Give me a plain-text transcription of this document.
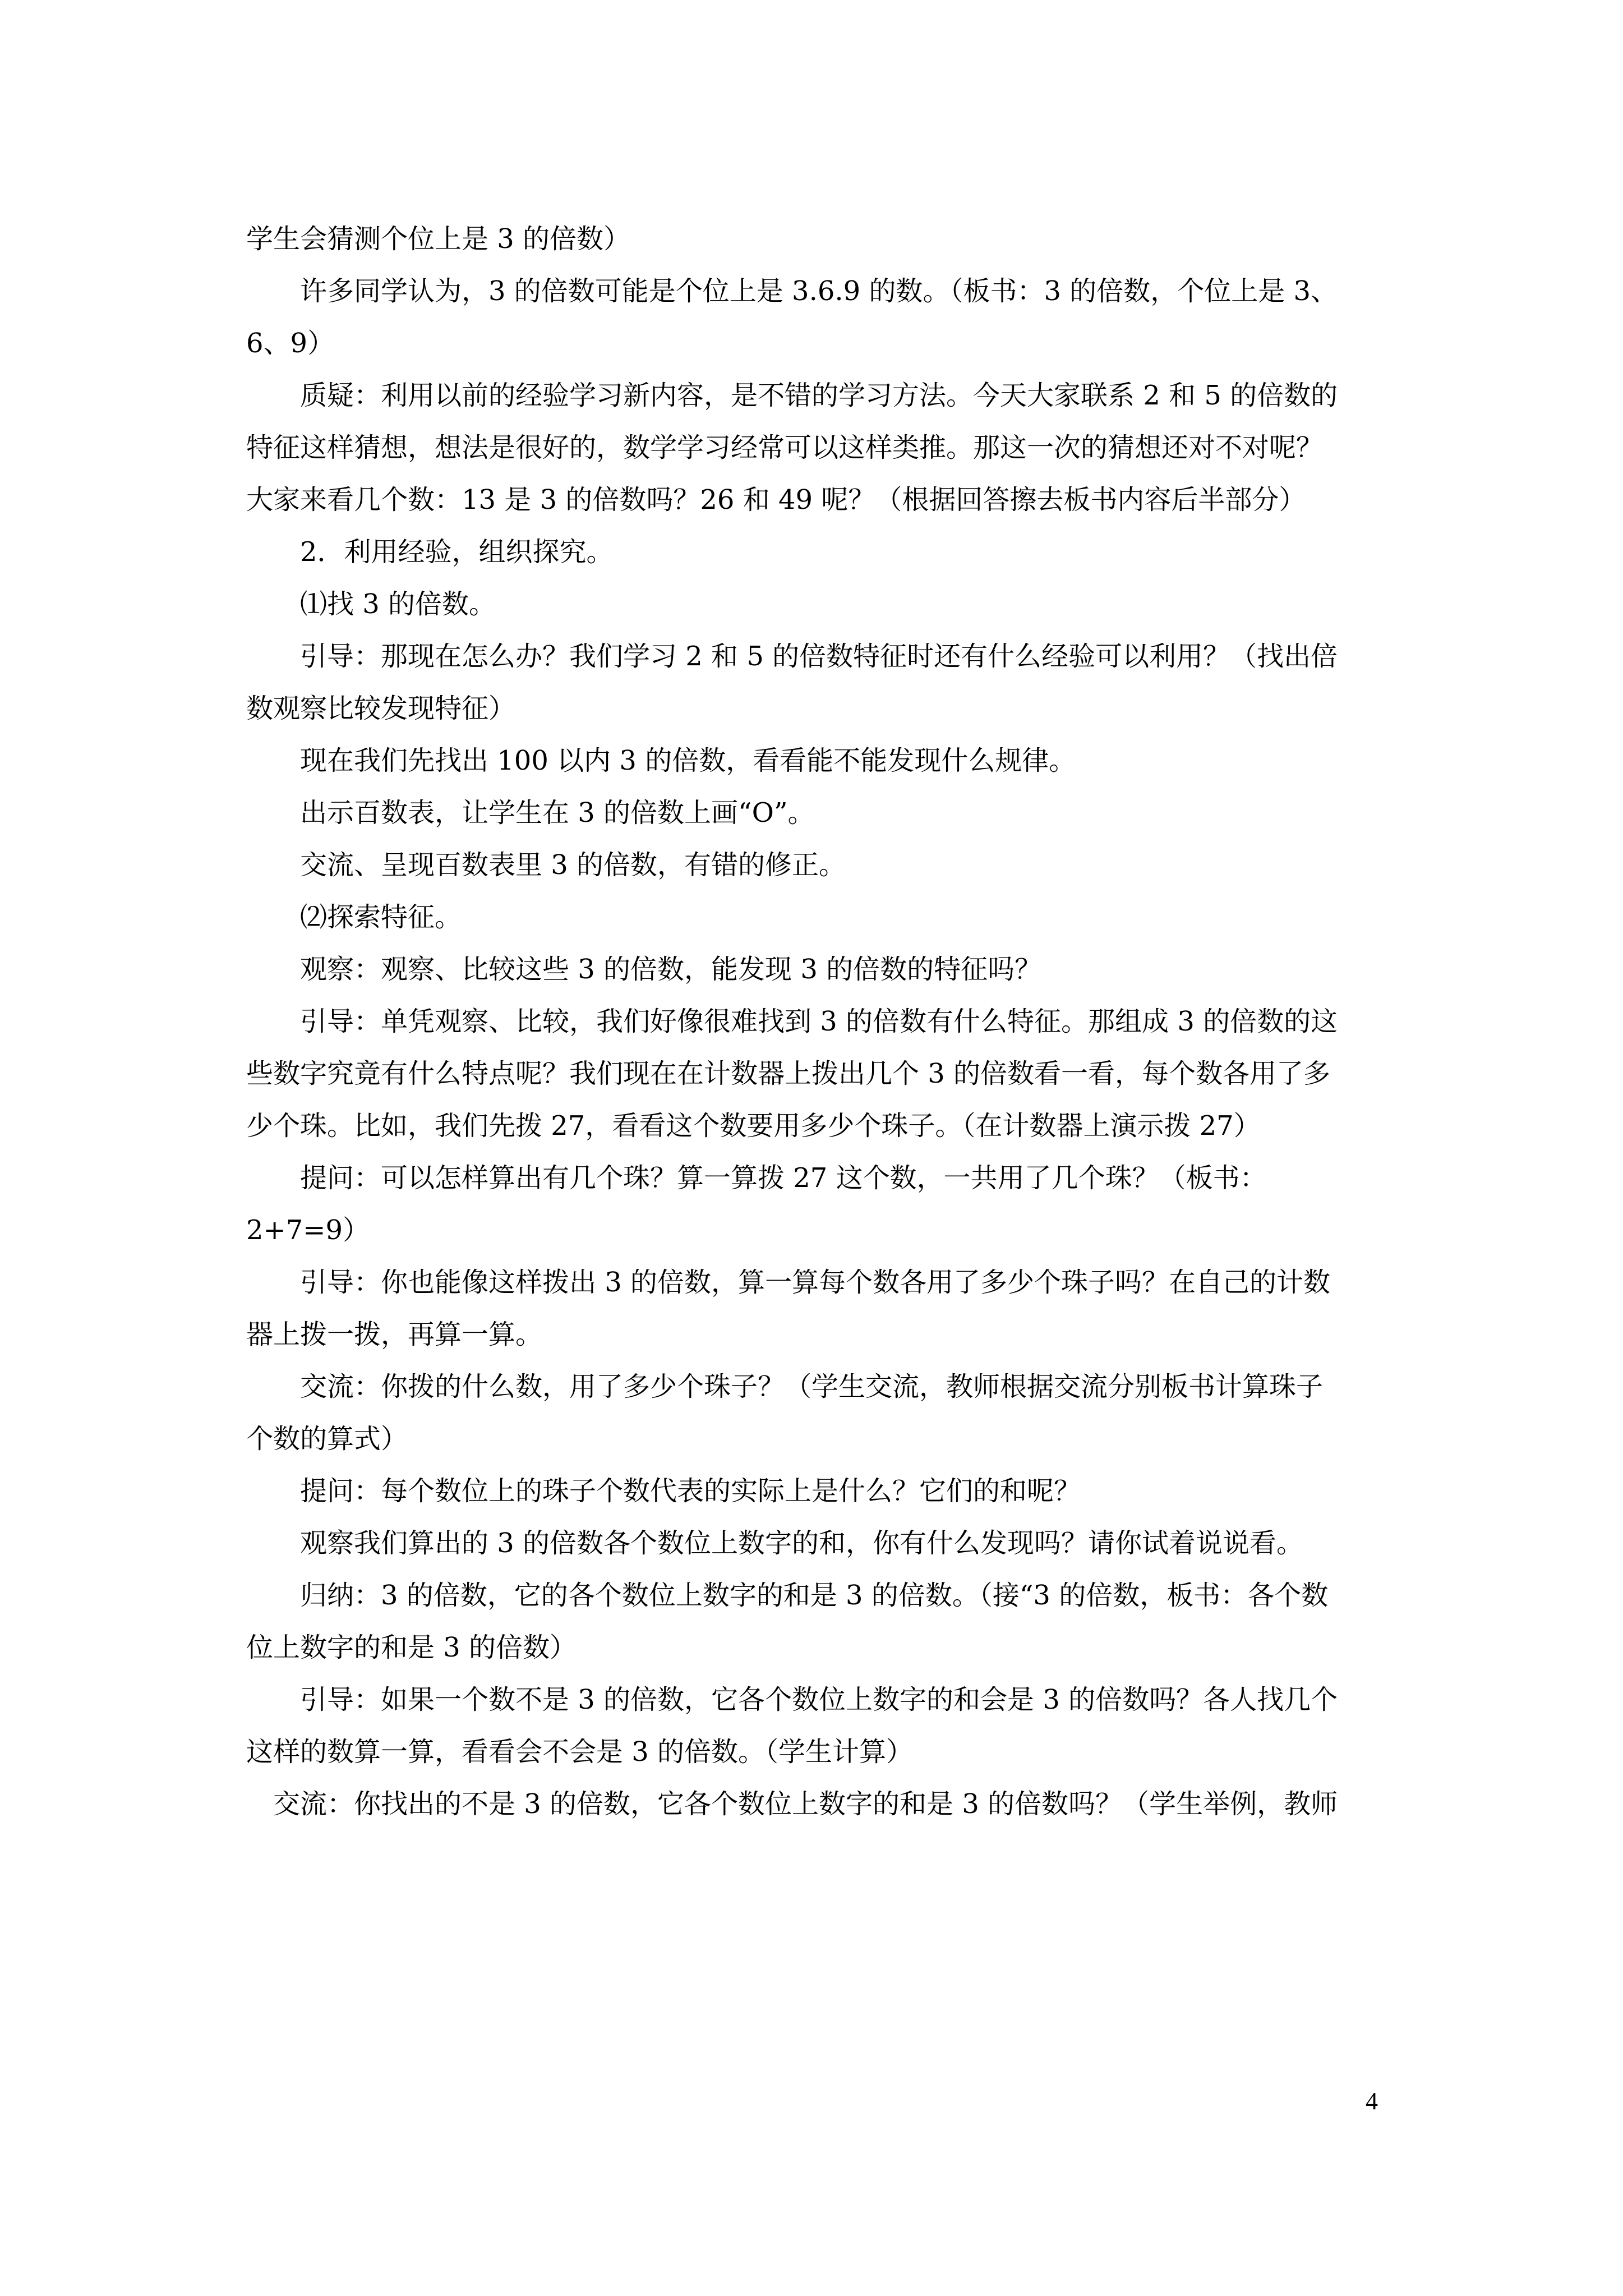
学生会猜测个位上是 3 的倍数）
许多同学认为，3 的倍数可能是个位上是 3.6.9 的数。（板书：3 的倍数，个位上是 3、
6、9）
质疑：利用以前的经验学习新内容，是不错的学习方法。今天大家联系 2 和 5 的倍数的
特征这样猜想，想法是很好的，数学学习经常可以这样类推。那这一次的猜想还对不对呢？
大家来看几个数：13 是 3 的倍数吗？26 和 49 呢？（根据回答擦去板书内容后半部分）
2．利用经验，组织探究。
⑴找 3 的倍数。
引导：那现在怎么办？我们学习 2 和 5 的倍数特征时还有什么经验可以利用？（找出倍
数观察比较发现特征）
现在我们先找出 100 以内 3 的倍数，看看能不能发现什么规律。
出示百数表，让学生在 3 的倍数上画“O”。
交流、呈现百数表里 3 的倍数，有错的修正。
⑵探索特征。
观察：观察、比较这些 3 的倍数，能发现 3 的倍数的特征吗？
引导：单凭观察、比较，我们好像很难找到 3 的倍数有什么特征。那组成 3 的倍数的这
些数字究竟有什么特点呢？我们现在在计数器上拨出几个 3 的倍数看一看，每个数各用了多
少个珠。比如，我们先拨 27，看看这个数要用多少个珠子。（在计数器上演示拨 27）
提问：可以怎样算出有几个珠？算一算拨 27 这个数，一共用了几个珠？（板书：
2+7=9）
引导：你也能像这样拨出 3 的倍数，算一算每个数各用了多少个珠子吗？在自己的计数
器上拨一拨，再算一算。
交流：你拨的什么数，用了多少个珠子？（学生交流，教师根据交流分别板书计算珠子
个数的算式）
提问：每个数位上的珠子个数代表的实际上是什么？它们的和呢？
观察我们算出的 3 的倍数各个数位上数字的和，你有什么发现吗？请你试着说说看。
归纳：3 的倍数，它的各个数位上数字的和是 3 的倍数。（接“3 的倍数，板书：各个数
位上数字的和是 3 的倍数）
引导：如果一个数不是 3 的倍数，它各个数位上数字的和会是 3 的倍数吗？各人找几个
这样的数算一算，看看会不会是 3 的倍数。（学生计算）
交流：你找出的不是 3 的倍数，它各个数位上数字的和是 3 的倍数吗？（学生举例，教师
4
